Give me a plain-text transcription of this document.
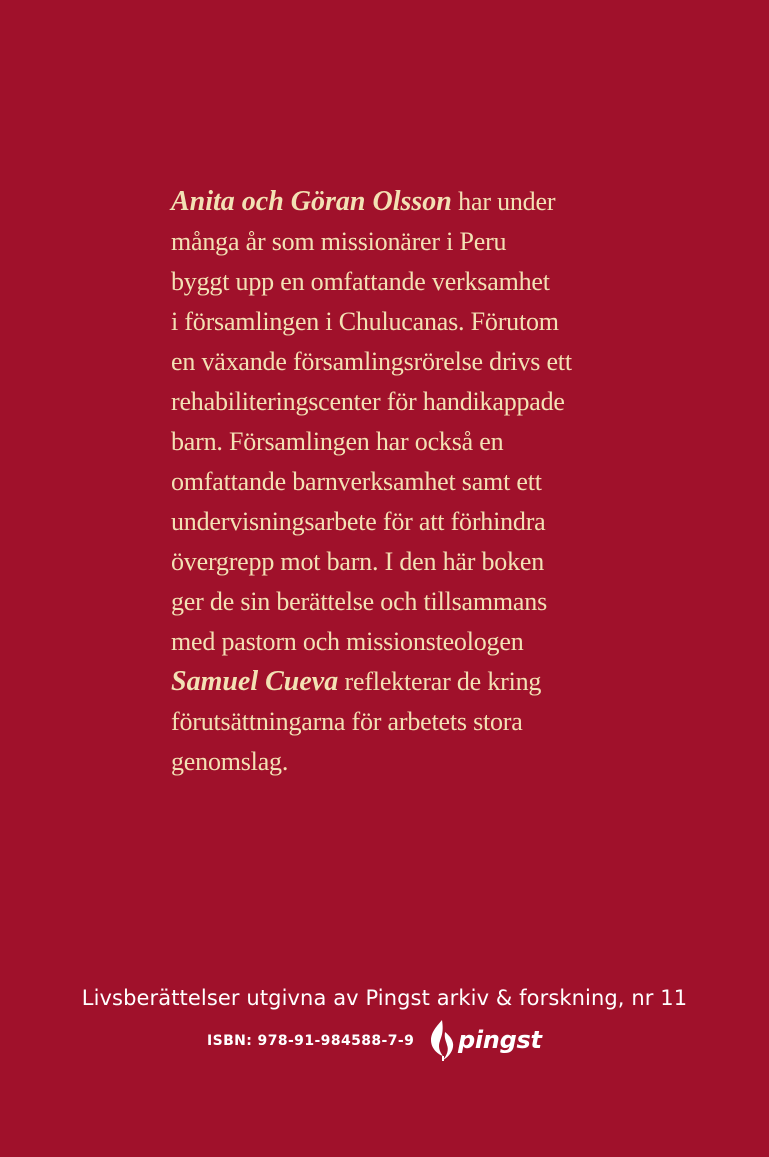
Anita och Göran Olsson har under
många år som missionärer i Peru
byggt upp en omfattande verksamhet
i församlingen i Chulucanas. Förutom
en växande församlingsrörelse drivs ett
rehabiliteringscenter för handikappade
barn. Församlingen har också en
omfattande barnverksamhet samt ett
undervisningsarbete för att förhindra
övergrepp mot barn. I den här boken
ger de sin berättelse och tillsammans
med pastorn och missionsteologen
Samuel Cueva reflekterar de kring
förutsättningarna för arbetets stora
genomslag.

Livsberättelser utgivna av Pingst arkiv & forskning, nr 11

ISBN: 978-91-984588-7-9 pingst
